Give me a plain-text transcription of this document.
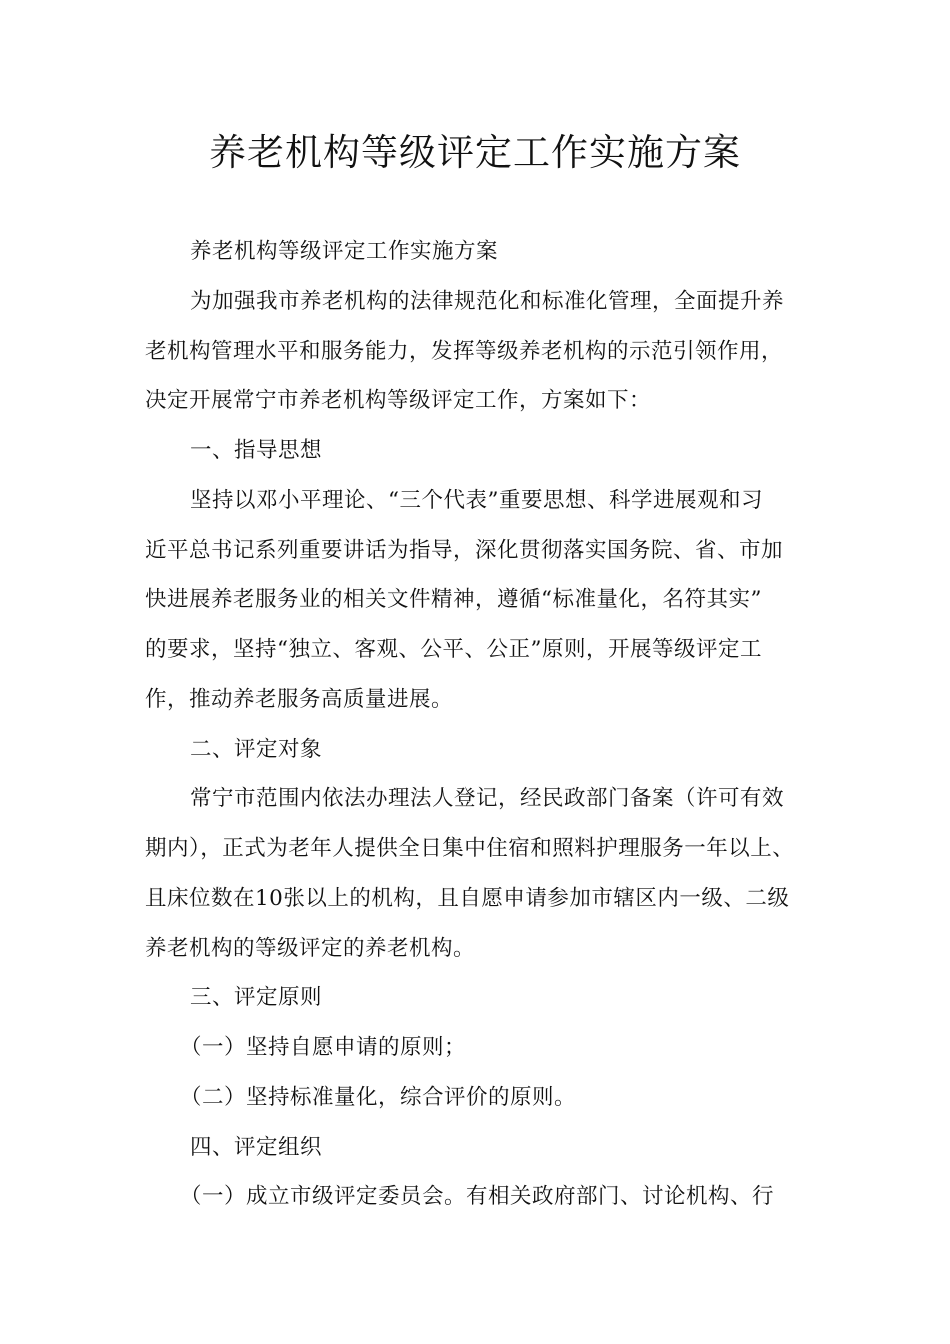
养老机构等级评定工作实施方案
养老机构等级评定工作实施方案
为加强我市养老机构的法律规范化和标准化管理，全面提升养
老机构管理水平和服务能力，发挥等级养老机构的示范引领作用，
决定开展常宁市养老机构等级评定工作，方案如下：
一、指导思想
坚持以邓小平理论、“三个代表”重要思想、科学进展观和习
近平总书记系列重要讲话为指导，深化贯彻落实国务院、省、市加
快进展养老服务业的相关文件精神，遵循“标准量化，名符其实”
的要求，坚持“独立、客观、公平、公正”原则，开展等级评定工
作，推动养老服务高质量进展。
二、评定对象
常宁市范围内依法办理法人登记，经民政部门备案（许可有效
期内），正式为老年人提供全日集中住宿和照料护理服务一年以上、
且床位数在10张以上的机构，且自愿申请参加市辖区内一级、二级
养老机构的等级评定的养老机构。
三、评定原则
（一）坚持自愿申请的原则；
（二）坚持标准量化，综合评价的原则。
四、评定组织
（一）成立市级评定委员会。有相关政府部门、讨论机构、行
